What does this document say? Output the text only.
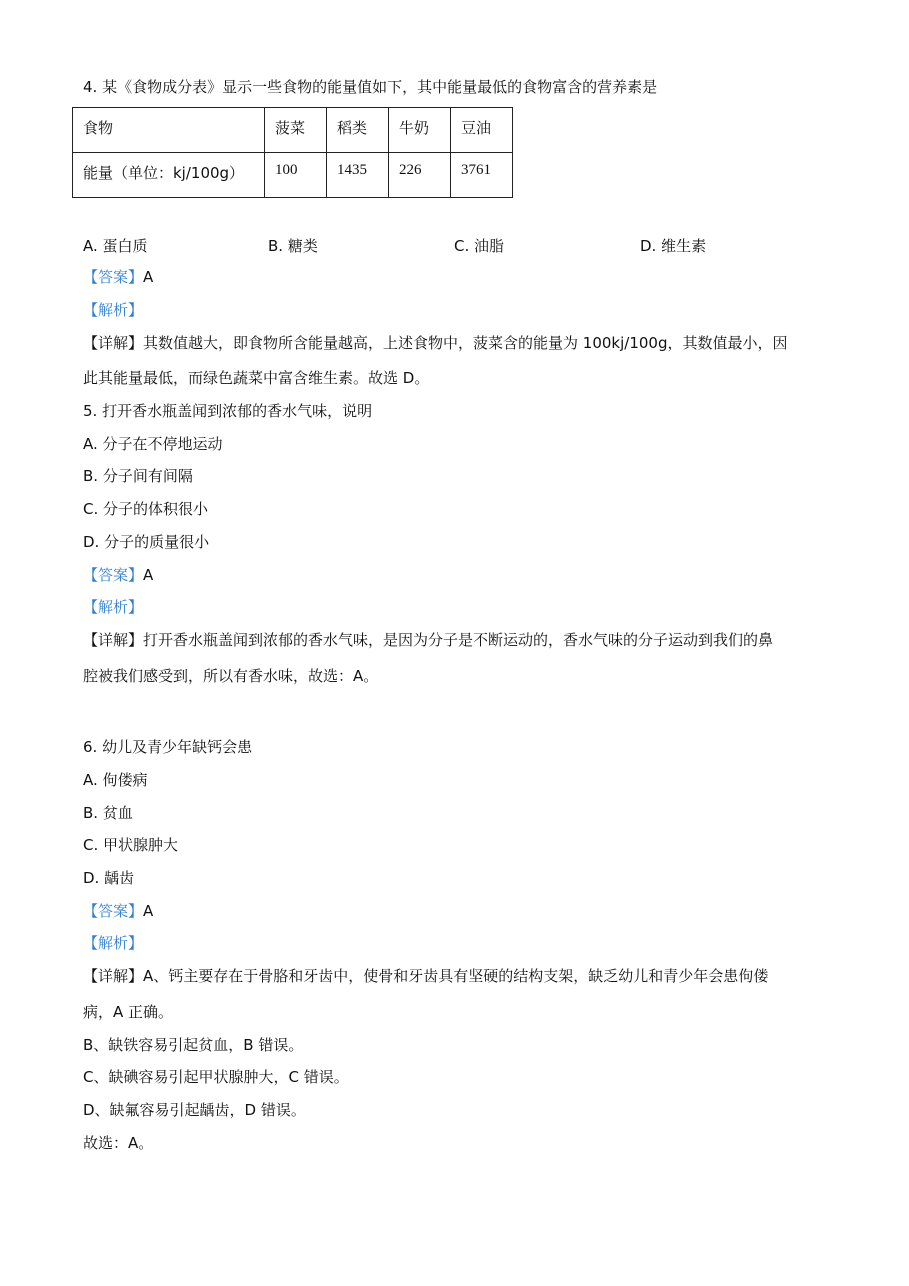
4. 某《食物成分表》显示一些食物的能量值如下，其中能量最低的食物富含的营养素是
食物	菠菜	稻类	牛奶	豆油
能量（单位：kj/100g）	100	1435	226	3761
A. 蛋白质	B. 糖类	C. 油脂	D. 维生素
【答案】A
【解析】
【详解】其数值越大，即食物所含能量越高，上述食物中，菠菜含的能量为 100kj/100g，其数值最小，因
此其能量最低，而绿色蔬菜中富含维生素。故选 D。
5. 打开香水瓶盖闻到浓郁的香水气味，说明
A. 分子在不停地运动
B. 分子间有间隔
C. 分子的体积很小
D. 分子的质量很小
【答案】A
【解析】
【详解】打开香水瓶盖闻到浓郁的香水气味，是因为分子是不断运动的，香水气味的分子运动到我们的鼻
腔被我们感受到，所以有香水味，故选：A。
6. 幼儿及青少年缺钙会患
A. 佝偻病
B. 贫血
C. 甲状腺肿大
D. 龋齿
【答案】A
【解析】
【详解】A、钙主要存在于骨胳和牙齿中，使骨和牙齿具有坚硬的结构支架，缺乏幼儿和青少年会患佝偻
病，A 正确。
B、缺铁容易引起贫血，B 错误。
C、缺碘容易引起甲状腺肿大，C 错误。
D、缺氟容易引起龋齿，D 错误。
故选：A。
